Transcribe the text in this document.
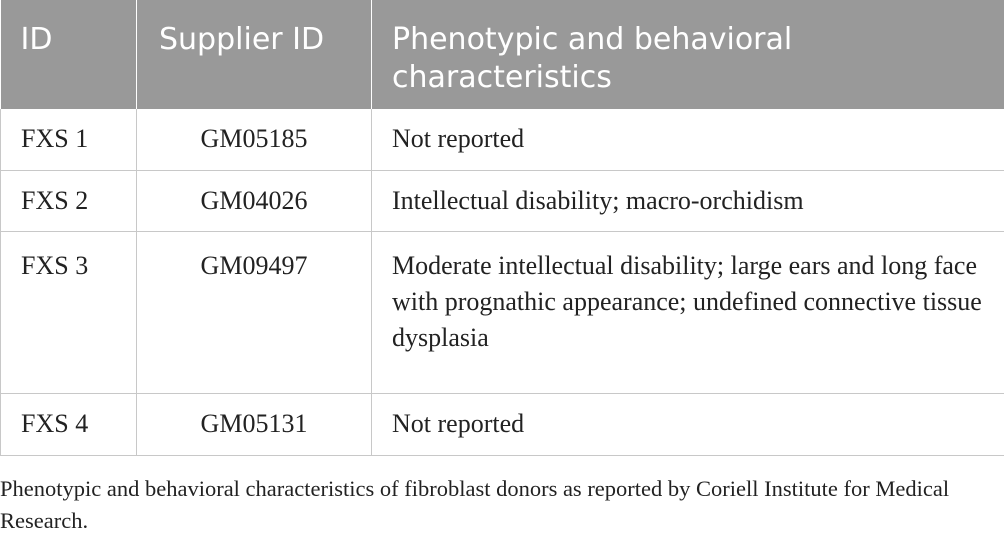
ID	Supplier ID	Phenotypic and behavioral characteristics
FXS 1	GM05185	Not reported
FXS 2	GM04026	Intellectual disability; macro-orchidism
FXS 3	GM09497	Moderate intellectual disability; large ears and long face with prognathic appearance; undefined connective tissue dysplasia
FXS 4	GM05131	Not reported
Phenotypic and behavioral characteristics of fibroblast donors as reported by Coriell Institute for Medical Research.
